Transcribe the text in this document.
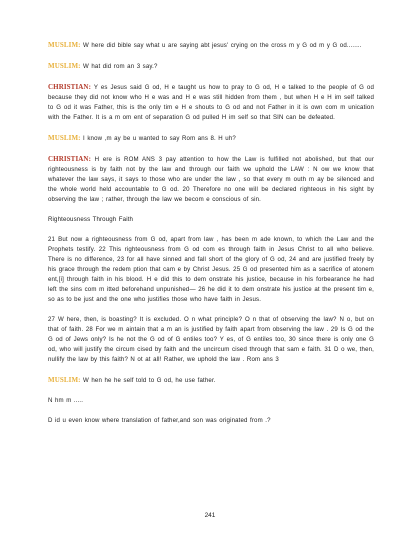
MUSLIM: W here did bible say what u are saying abt jesus' crying on the cross m y G od m y G od........

MUSLIM: W hat did rom an 3 say.?

CHRISTIAN: Y es Jesus said G od, H e taught us how to pray to G od, H e talked to the people of G od because they did not know who H e was and H e was still hidden from them , but when H e H im self talked to G od it was Father, this is the only tim e H e shouts to G od and not Father in it is own com m unication with the Father. It is a m om ent of separation G od pulled H im self so that SIN can be defeated.

MUSLIM: I know ,m ay be u wanted to say Rom ans 8. H uh?

CHRISTIAN: H ere is ROM ANS 3 pay attention to how the Law is fulfilled not abolished, but that our righteousness is by faith not by the law and through our faith we uphold the LAW : N ow we know that whatever the law says, it says to those who are under the law , so that every m outh m ay be silenced and the whole world held accountable to G od. 20 Therefore no one will be declared righteous in his sight by observing the law ; rather, through the law we becom e conscious of sin.

Righteousness Through Faith

21 But now a righteousness from G od, apart from law , has been m ade known, to which the Law and the Prophets testify. 22 This righteousness from G od com es through faith in Jesus Christ to all who believe. There is no difference, 23 for all have sinned and fall short of the glory of G od, 24 and are justified freely by his grace through the redem ption that cam e by Christ Jesus. 25 G od presented him as a sacrifice of atonem ent,[i] through faith in his blood. H e did this to dem onstrate his justice, because in his forbearance he had left the sins com m itted beforehand unpunished— 26 he did it to dem onstrate his justice at the present tim e, so as to be just and the one who justifies those who have faith in Jesus.

27 W here, then, is boasting? It is excluded. O n what principle? O n that of observing the law? N o, but on that of faith. 28 For we m aintain that a m an is justified by faith apart from observing the law . 29 Is G od the G od of Jews only? Is he not the G od of G entiles too? Y es, of G entiles too, 30 since there is only one G od, who will justify the circum cised by faith and the uncircum cised through that sam e faith. 31 D o we, then, nullify the law by this faith? N ot at all! Rather, we uphold the law . Rom ans 3

MUSLIM: W hen he he self told to G od, he use father.

N hm m .....

D id u even know where translation of father,and son was originated from .?

241
